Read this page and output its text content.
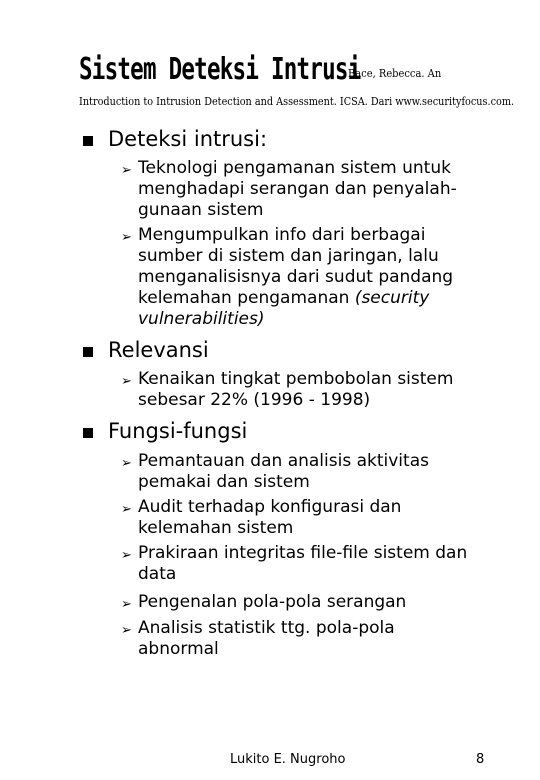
Sistem Deteksi Intrusi
Bace, Rebecca. An
Introduction to Intrusion Detection and Assessment. ICSA. Dari www.securityfocus.com.
Deteksi intrusi:
➢ Teknologi pengamanan sistem untuk
menghadapi serangan dan penyalah-
gunaan sistem
➢ Mengumpulkan info dari berbagai
sumber di sistem dan jaringan, lalu
menganalisisnya dari sudut pandang
kelemahan pengamanan (security
vulnerabilities)
Relevansi
➢ Kenaikan tingkat pembobolan sistem
sebesar 22% (1996 - 1998)
Fungsi-fungsi
➢ Pemantauan dan analisis aktivitas
pemakai dan sistem
➢ Audit terhadap konfigurasi dan
kelemahan sistem
➢ Prakiraan integritas file-file sistem dan
data
➢ Pengenalan pola-pola serangan
➢ Analisis statistik ttg. pola-pola
abnormal
Lukito E. Nugroho	8
